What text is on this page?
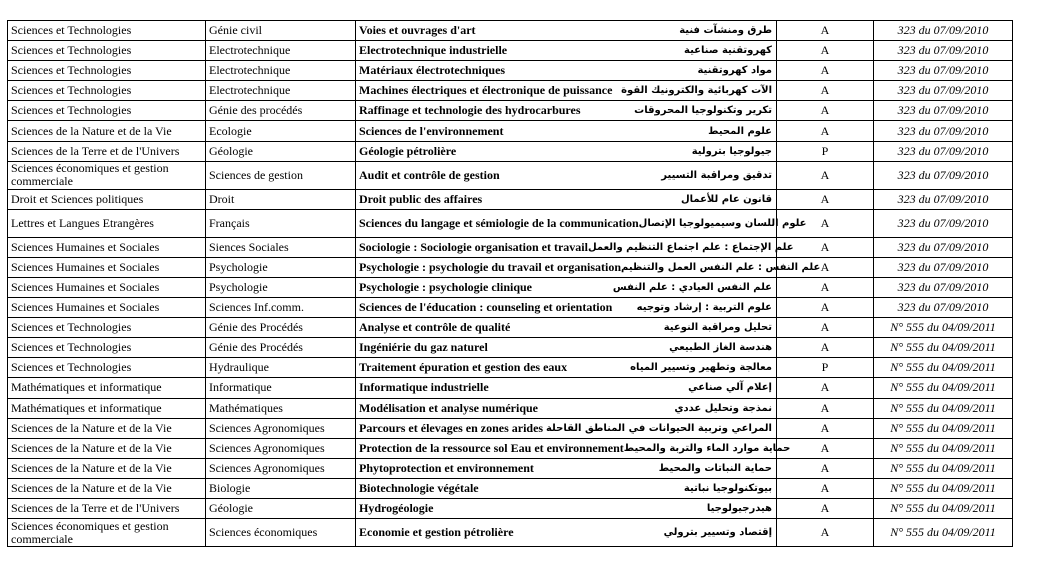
Sciences et Technologies	Génie civil	Voies et ouvrages d'art طرق ومنشآت فنية	A	323 du 07/09/2010
Sciences et Technologies	Electrotechnique	Electrotechnique industrielle كهروتقنية صناعية	A	323 du 07/09/2010
Sciences et Technologies	Electrotechnique	Matériaux électrotechniques مواد كهروتقنية	A	323 du 07/09/2010
Sciences et Technologies	Electrotechnique	Machines électriques et électronique de puissance الآت كهربائية والكترونيك القوة	A	323 du 07/09/2010
Sciences et Technologies	Génie des procédés	Raffinage et technologie des hydrocarbures تكرير وتكنولوجيا المحروقات	A	323 du 07/09/2010
Sciences de la Nature et de la Vie	Ecologie	Sciences de l'environnement علوم المحيط	A	323 du 07/09/2010
Sciences de la Terre et de l'Univers	Géologie	Géologie pétrolière جيولوجيا بترولية	P	323 du 07/09/2010
Sciences économiques et gestion commerciale	Sciences de gestion	Audit et contrôle de gestion تدقيق ومراقبة التسيير	A	323 du 07/09/2010
Droit et Sciences politiques	Droit	Droit public des affaires قانون عام للأعمال	A	323 du 07/09/2010
Lettres et Langues Etrangères	Français	Sciences du langage et sémiologie de la communication علوم اللسان وسيميولوجيا الإتصال	A	323 du 07/09/2010
Sciences Humaines et Sociales	Siences Sociales	Sociologie : Sociologie organisation et travail علم الإجتماع : علم اجتماع التنظيم والعمل	A	323 du 07/09/2010
Sciences Humaines et Sociales	Psychologie	Psychologie : psychologie du travail et organisation علم النفس : علم النفس العمل والتنظيم	A	323 du 07/09/2010
Sciences Humaines et Sociales	Psychologie	Psychologie : psychologie clinique علم النفس العيادي : علم النفس	A	323 du 07/09/2010
Sciences Humaines et Sociales	Sciences Inf.comm.	Sciences de l'éducation : counseling et orientation علوم التربية : إرشاد وتوجيه	A	323 du 07/09/2010
Sciences et Technologies	Génie des Procédés	Analyse et contrôle de qualité تحليل ومراقبة النوعية	A	N° 555 du 04/09/2011
Sciences et Technologies	Génie des Procédés	Ingéniérie du gaz naturel هندسة الغاز الطبيعي	A	N° 555 du 04/09/2011
Sciences et Technologies	Hydraulique	Traitement épuration et gestion des eaux معالجة وتطهير وتسيير المياه	P	N° 555 du 04/09/2011
Mathématiques et informatique	Informatique	Informatique industrielle إعلام آلي صناعي	A	N° 555 du 04/09/2011
Mathématiques et informatique	Mathématiques	Modélisation et analyse numérique نمذجة وتحليل عددي	A	N° 555 du 04/09/2011
Sciences de la Nature et de la Vie	Sciences Agronomiques	Parcours et élevages en zones arides المراعي وتربية الحيوانات في المناطق القاحلة	A	N° 555 du 04/09/2011
Sciences de la Nature et de la Vie	Sciences Agronomiques	Protection de la ressource sol Eau et environnement حماية موارد الماء والتربة والمحيط	A	N° 555 du 04/09/2011
Sciences de la Nature et de la Vie	Sciences Agronomiques	Phytoprotection et environnement حماية النباتات والمحيط	A	N° 555 du 04/09/2011
Sciences de la Nature et de la Vie	Biologie	Biotechnologie végétale بيوتكنولوجيا نباتية	A	N° 555 du 04/09/2011
Sciences de la Terre et de l'Univers	Géologie	Hydrogéologie هيدرجيولوجيا	A	N° 555 du 04/09/2011
Sciences économiques et gestion commerciale	Sciences économiques	Economie et gestion pétrolière إقتصاد وتسيير بترولي	A	N° 555 du 04/09/2011
